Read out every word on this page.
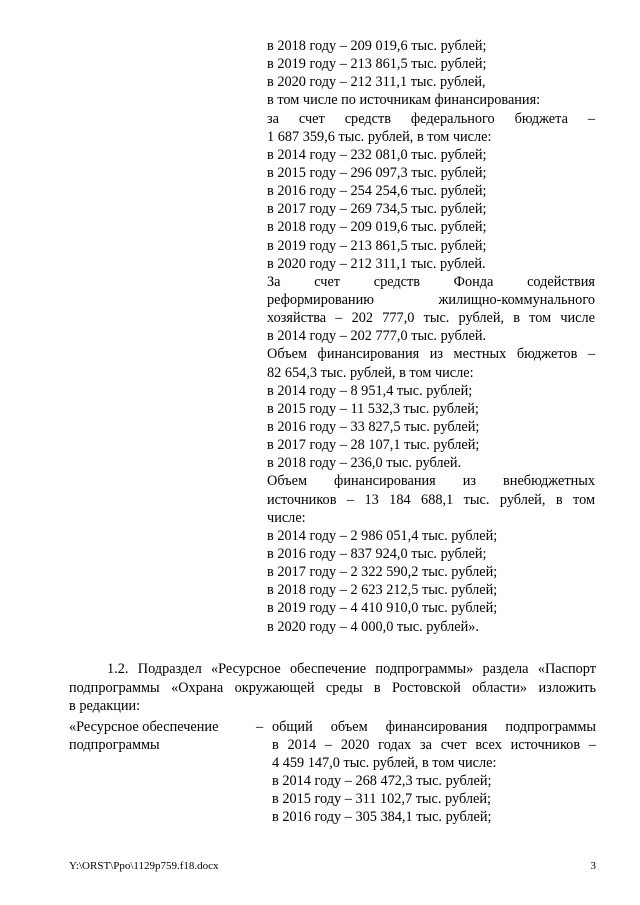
в 2018 году – 209 019,6 тыс. рублей;
в 2019 году – 213 861,5 тыс. рублей;
в 2020 году – 212 311,1 тыс. рублей,
в том числе по источникам финансирования:
за счет средств федерального бюджета –
1 687 359,6 тыс. рублей, в том числе:
в 2014 году – 232 081,0 тыс. рублей;
в 2015 году – 296 097,3 тыс. рублей;
в 2016 году – 254 254,6 тыс. рублей;
в 2017 году – 269 734,5 тыс. рублей;
в 2018 году – 209 019,6 тыс. рублей;
в 2019 году – 213 861,5 тыс. рублей;
в 2020 году – 212 311,1 тыс. рублей.
За счет средств Фонда содействия
реформированию жилищно-коммунального
хозяйства – 202 777,0 тыс. рублей, в том числе
в 2014 году – 202 777,0 тыс. рублей.
Объем финансирования из местных бюджетов –
82 654,3 тыс. рублей, в том числе:
в 2014 году – 8 951,4 тыс. рублей;
в 2015 году – 11 532,3 тыс. рублей;
в 2016 году – 33 827,5 тыс. рублей;
в 2017 году – 28 107,1 тыс. рублей;
в 2018 году – 236,0 тыс. рублей.
Объем финансирования из внебюджетных
источников – 13 184 688,1 тыс. рублей, в том
числе:
в 2014 году – 2 986 051,4 тыс. рублей;
в 2016 году – 837 924,0 тыс. рублей;
в 2017 году – 2 322 590,2 тыс. рублей;
в 2018 году – 2 623 212,5 тыс. рублей;
в 2019 году – 4 410 910,0 тыс. рублей;
в 2020 году – 4 000,0 тыс. рублей».
1.2. Подраздел «Ресурсное обеспечение подпрограммы» раздела «Паспорт
подпрограммы «Охрана окружающей среды в Ростовской области» изложить
в редакции:
«Ресурсное обеспечение
подпрограммы
– общий объем финансирования подпрограммы
в 2014 – 2020 годах за счет всех источников –
4 459 147,0 тыс. рублей, в том числе:
в 2014 году – 268 472,3 тыс. рублей;
в 2015 году – 311 102,7 тыс. рублей;
в 2016 году – 305 384,1 тыс. рублей;
Y:\ORST\Ppo\1129p759.f18.docx	3
